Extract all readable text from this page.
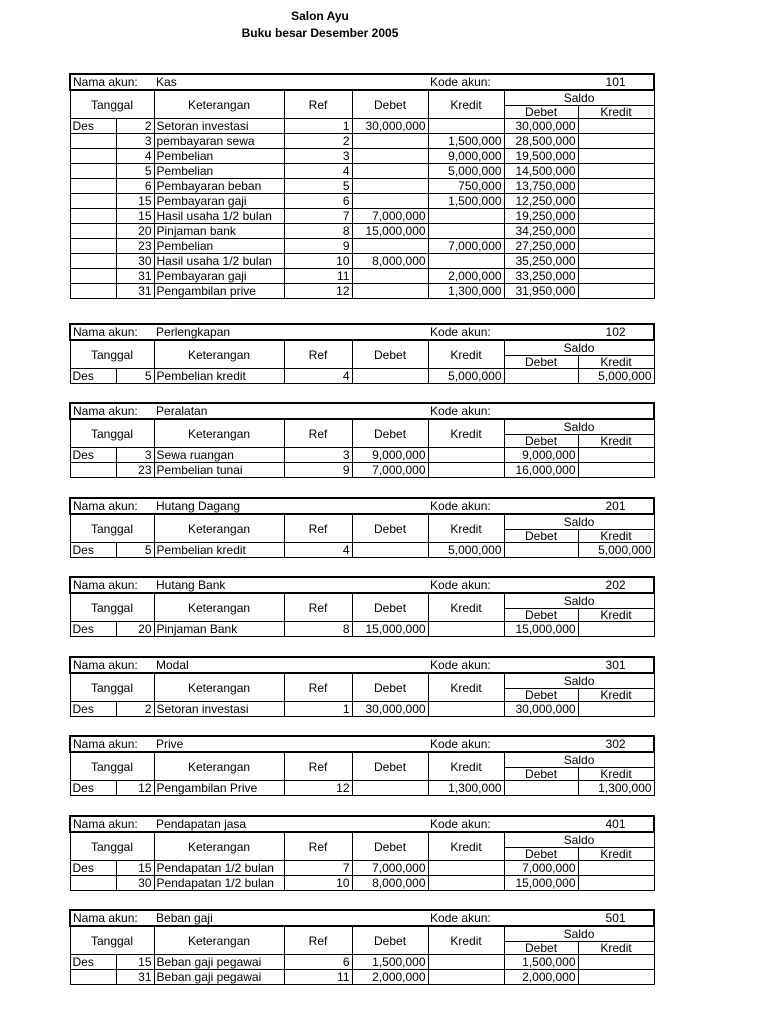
Salon Ayu
Buku besar Desember 2005
Nama akun:		Kas			Kode akun:		101
Tanggal		Keterangan	Ref	Debet	Kredit	Saldo	
						Debet	Kredit
Des	2	Setoran investasi	1	30,000,000		30,000,000	
	3	pembayaran sewa	2		1,500,000	28,500,000	
	4	Pembelian	3		9,000,000	19,500,000	
	5	Pembelian	4		5,000,000	14,500,000	
	6	Pembayaran beban	5		750,000	13,750,000	
	15	Pembayaran gaji	6		1,500,000	12,250,000	
	15	Hasil usaha 1/2 bulan	7	7,000,000		19,250,000	
	20	Pinjaman bank	8	15,000,000		34,250,000	
	23	Pembelian	9		7,000,000	27,250,000	
	30	Hasil usaha 1/2 bulan	10	8,000,000		35,250,000	
	31	Pembayaran gaji	11		2,000,000	33,250,000	
	31	Pengambilan prive	12		1,300,000	31,950,000	
Nama akun:		Perlengkapan			Kode akun:		102
Tanggal		Keterangan	Ref	Debet	Kredit	Saldo	
						Debet	Kredit
Des	5	Pembelian kredit	4		5,000,000		5,000,000
Nama akun:		Peralatan			Kode akun:		
Tanggal		Keterangan	Ref	Debet	Kredit	Saldo	
						Debet	Kredit
Des	3	Sewa ruangan	3	9,000,000		9,000,000	
	23	Pembelian tunai	9	7,000,000		16,000,000	
Nama akun:		Hutang Dagang			Kode akun:		201
Tanggal		Keterangan	Ref	Debet	Kredit	Saldo	
						Debet	Kredit
Des	5	Pembelian kredit	4		5,000,000		5,000,000
Nama akun:		Hutang Bank			Kode akun:		202
Tanggal		Keterangan	Ref	Debet	Kredit	Saldo	
						Debet	Kredit
Des	20	Pinjaman Bank	8	15,000,000		15,000,000	
Nama akun:		Modal			Kode akun:		301
Tanggal		Keterangan	Ref	Debet	Kredit	Saldo	
						Debet	Kredit
Des	2	Setoran investasi	1	30,000,000		30,000,000	
Nama akun:		Prive			Kode akun:		302
Tanggal		Keterangan	Ref	Debet	Kredit	Saldo	
						Debet	Kredit
Des	12	Pengambilan Prive	12		1,300,000		1,300,000
Nama akun:		Pendapatan jasa			Kode akun:		401
Tanggal		Keterangan	Ref	Debet	Kredit	Saldo	
						Debet	Kredit
Des	15	Pendapatan 1/2 bulan	7	7,000,000		7,000,000	
	30	Pendapatan 1/2 bulan	10	8,000,000		15,000,000	
Nama akun:		Beban gaji			Kode akun:		501
Tanggal		Keterangan	Ref	Debet	Kredit	Saldo	
						Debet	Kredit
Des	15	Beban gaji pegawai	6	1,500,000		1,500,000	
	31	Beban gaji pegawai	11	2,000,000		2,000,000	
